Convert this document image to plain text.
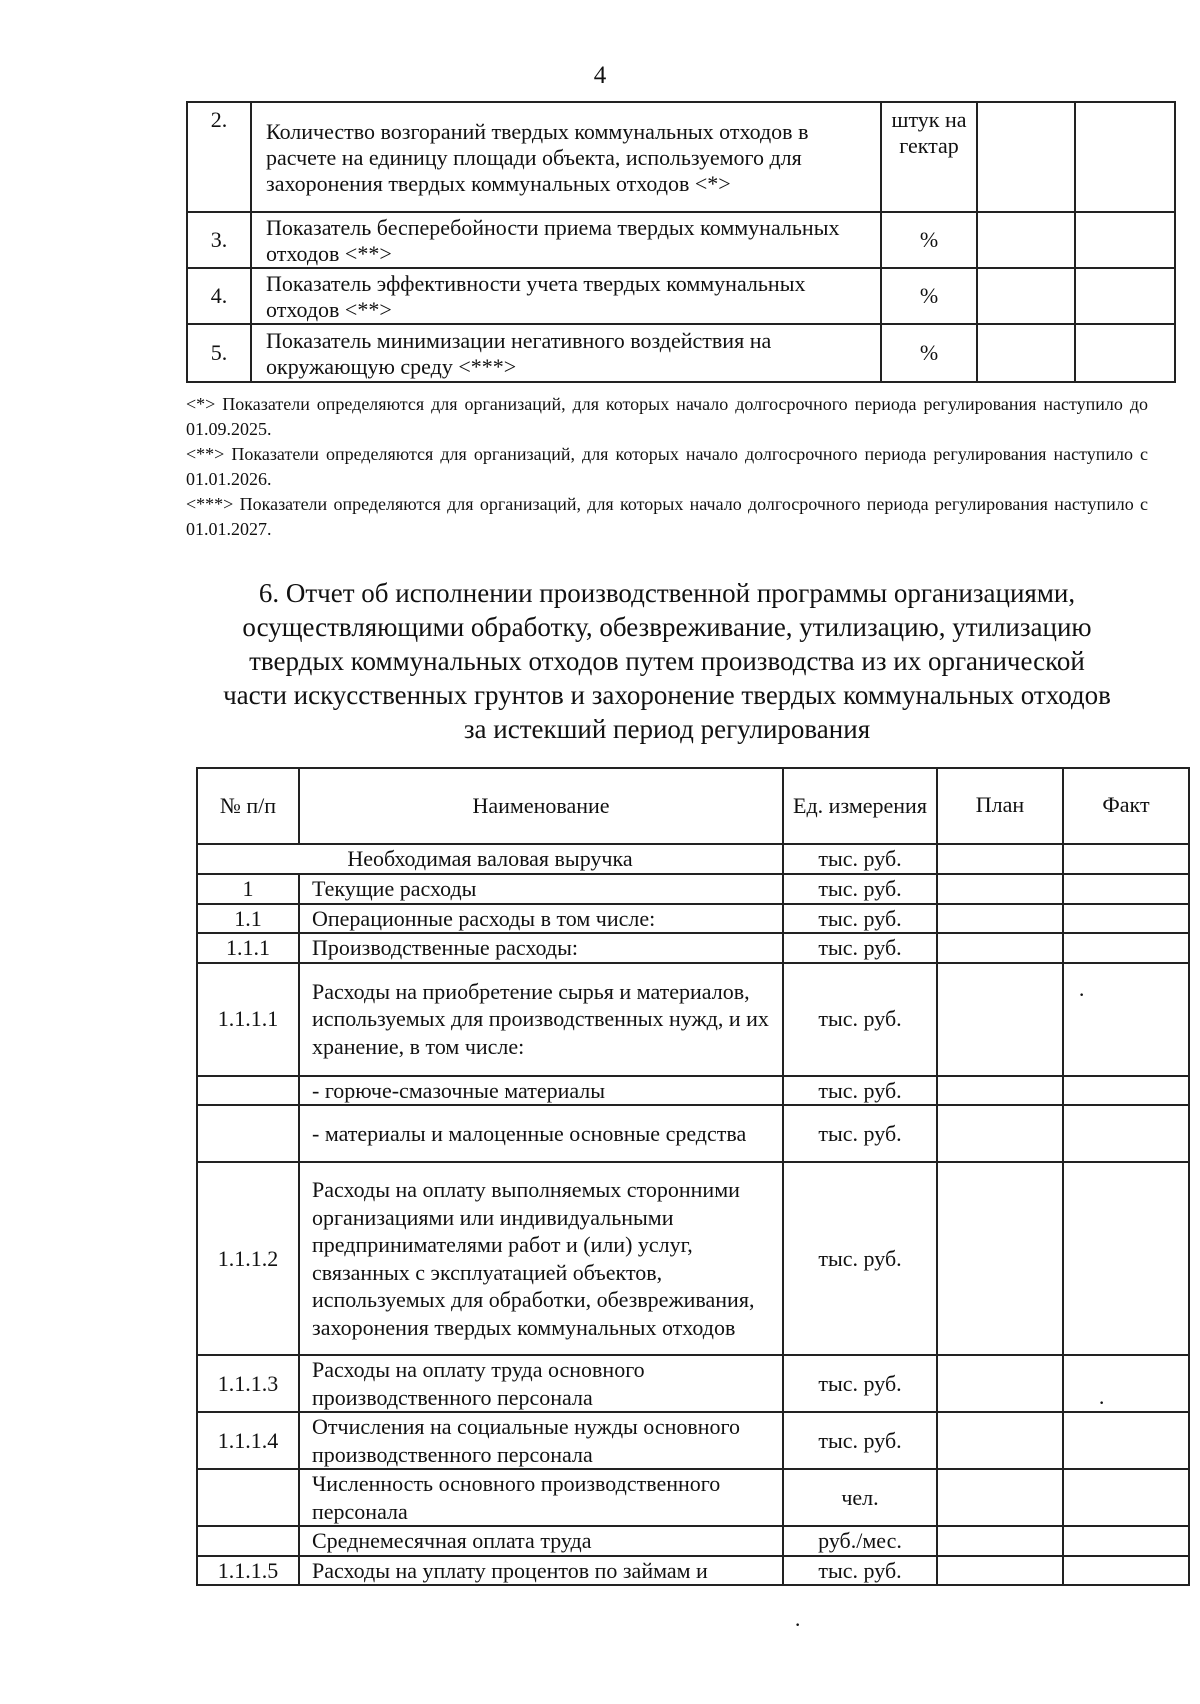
4
2.	Количество возгораний твердых коммунальных отходов в расчете на единицу площади объекта, используемого для захоронения твердых коммунальных отходов <*>	штук на гектар		
3.	Показатель бесперебойности приема твердых коммунальных отходов <**>	%		
4.	Показатель эффективности учета твердых коммунальных отходов <**>	%		
5.	Показатель минимизации негативного воздействия на окружающую среду <***>	%		

<*> Показатели определяются для организаций, для которых начало долгосрочного периода регулирования наступило до 01.09.2025.

<**> Показатели определяются для организаций, для которых начало долгосрочного периода регулирования наступило с 01.01.2026.

<***> Показатели определяются для организаций, для которых начало долгосрочного периода регулирования наступило с 01.01.2027.

6. Отчет об исполнении производственной программы организациями,
осуществляющими обработку, обезвреживание, утилизацию, утилизацию
твердых коммунальных отходов путем производства из их органической
части искусственных грунтов и захоронение твердых коммунальных отходов
за истекший период регулирования
№ п/п	Наименование	Ед. измерения	План	Факт
Необходимая валовая выручка		тыс. руб.		
1	Текущие расходы	тыс. руб.		
1.1	Операционные расходы в том числе:	тыс. руб.		
1.1.1	Производственные расходы:	тыс. руб.		
1.1.1.1	Расходы на приобретение сырья и материалов, используемых для производственных нужд, и их хранение, в том числе:	тыс. руб.		
	- горюче-смазочные материалы	тыс. руб.		
	- материалы и малоценные основные средства	тыс. руб.		
1.1.1.2	Расходы на оплату выполняемых сторонними организациями или индивидуальными предпринимателями работ и (или) услуг, связанных с эксплуатацией объектов, используемых для обработки, обезвреживания, захоронения твердых коммунальных отходов	тыс. руб.		
1.1.1.3	Расходы на оплату труда основного производственного персонала	тыс. руб.		
1.1.1.4	Отчисления на социальные нужды основного производственного персонала	тыс. руб.		
	Численность основного производственного персонала	чел.		
	Среднемесячная оплата труда	руб./мес.		
1.1.1.5	Расходы на уплату процентов по займам и	тыс. руб.		
·
·
·
